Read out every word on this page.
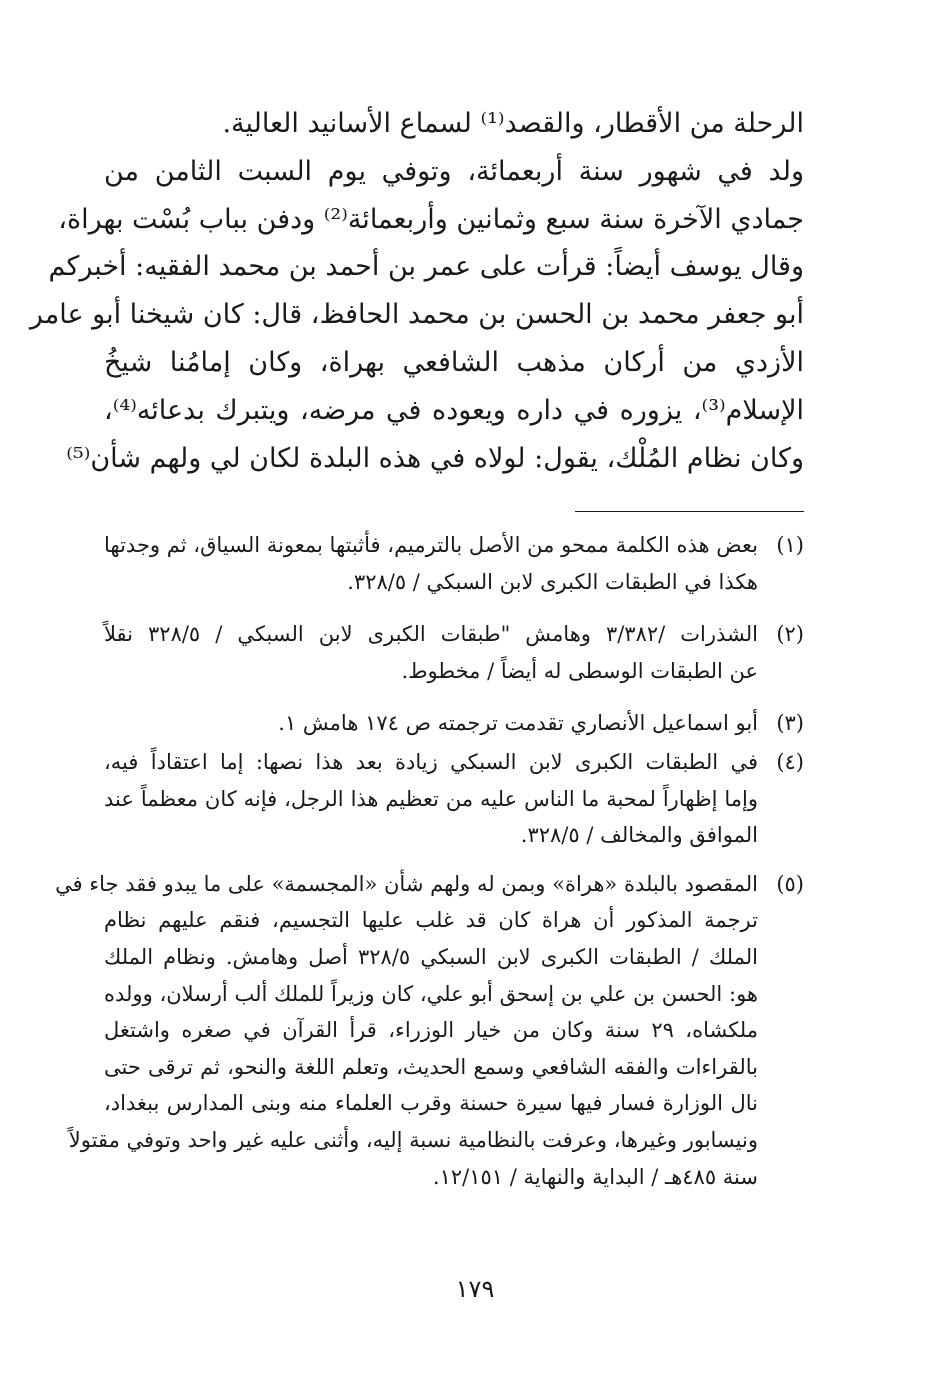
الرحلة من الأقطار، والقصد⁽¹⁾ لسماع الأسانيد العالية.
ولد في شهور سنة أربعمائة، وتوفي يوم السبت الثامن من
جمادي الآخرة سنة سبع وثمانين وأربعمائة⁽²⁾ ودفن بباب بُسْت بهراة،
وقال يوسف أيضاً: قرأت على عمر بن أحمد بن محمد الفقيه: أخبركم
أبو جعفر محمد بن الحسن بن محمد الحافظ، قال: كان شيخنا أبو عامر
الأزدي من أركان مذهب الشافعي بهراة، وكان إمامُنا شيخُ
الإسلام⁽³⁾، يزوره في داره ويعوده في مرضه، ويتبرك بدعائه⁽⁴⁾،
وكان نظام المُلْك، يقول: لولاه في هذه البلدة لكان لي ولهم شأن⁽⁵⁾
(١)
بعض هذه الكلمة ممحو من الأصل بالترميم، فأثبتها بمعونة السياق، ثم وجدتها
هكذا في الطبقات الكبرى لابن السبكي / ٣٢٨/٥.
(٢)
الشذرات /٣/٣٨٢ وهامش "طبقات الكبرى لابن السبكي / ٣٢٨/٥ نقلاً
عن الطبقات الوسطى له أيضاً / مخطوط.
(٣)
أبو اسماعيل الأنصاري تقدمت ترجمته ص ١٧٤ هامش ١.
(٤)
في الطبقات الكبرى لابن السبكي زيادة بعد هذا نصها: إما اعتقاداً فيه،
وإما إظهاراً لمحبة ما الناس عليه من تعظيم هذا الرجل، فإنه كان معظماً عند
الموافق والمخالف / ٣٢٨/٥.
(٥)
المقصود بالبلدة «هراة» وبمن له ولهم شأن «المجسمة» على ما يبدو فقد جاء في
ترجمة المذكور أن هراة كان قد غلب عليها التجسيم، فنقم عليهم نظام
الملك / الطبقات الكبرى لابن السبكي ٣٢٨/٥ أصل وهامش. ونظام الملك
هو: الحسن بن علي بن إسحق أبو علي، كان وزيراً للملك ألب أرسلان، وولده
ملكشاه، ٢٩ سنة وكان من خيار الوزراء، قرأ القرآن في صغره واشتغل
بالقراءات والفقه الشافعي وسمع الحديث، وتعلم اللغة والنحو، ثم ترقى حتى
نال الوزارة فسار فيها سيرة حسنة وقرب العلماء منه وبنى المدارس ببغداد،
ونيسابور وغيرها، وعرفت بالنظامية نسبة إليه، وأثنى عليه غير واحد وتوفي مقتولاً
سنة ٤٨٥هـ / البداية والنهاية / ١٢/١٥١.
١٧٩
